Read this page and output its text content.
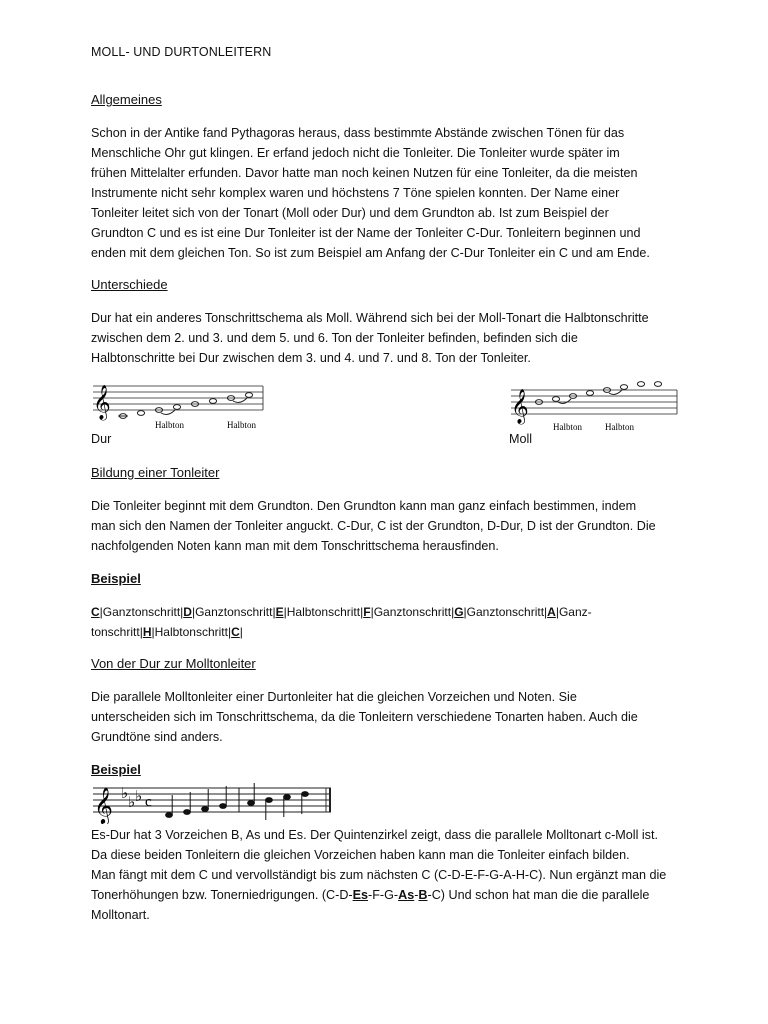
MOLL- UND DURTONLEITERN
Allgemeines
Schon in der Antike fand Pythagoras heraus, dass bestimmte Abstände zwischen Tönen für das
Menschliche Ohr gut klingen. Er erfand jedoch nicht die Tonleiter. Die Tonleiter wurde später im
frühen Mittelalter erfunden. Davor hatte man noch keinen Nutzen für eine Tonleiter, da die meisten
Instrumente nicht sehr komplex waren und höchstens 7 Töne spielen konnten. Der Name einer
Tonleiter leitet sich von der Tonart (Moll oder Dur) und dem Grundton ab. Ist zum Beispiel der
Grundton C und es ist eine Dur Tonleiter ist der Name der Tonleiter C-Dur. Tonleitern beginnen und
enden mit dem gleichen Ton. So ist zum Beispiel am Anfang der C-Dur Tonleiter ein C und am Ende.
Unterschiede
Dur hat ein anderes Tonschrittschema als Moll. Während sich bei der Moll-Tonart die Halbtonschritte
zwischen dem 2. und 3. und dem 5. und 6. Ton der Tonleiter befinden, befinden sich die
Halbtonschritte bei Dur zwischen dem 3. und 4. und 7. und 8. Ton der Tonleiter.
𝄞
Halbton	Halbton
Dur
𝄞
Halbton	Halbton
Moll
Bildung einer Tonleiter
Die Tonleiter beginnt mit dem Grundton. Den Grundton kann man ganz einfach bestimmen, indem
man sich den Namen der Tonleiter anguckt. C-Dur, C ist der Grundton, D-Dur, D ist der Grundton. Die
nachfolgenden Noten kann man mit dem Tonschrittschema herausfinden.
Beispiel
C|Ganztonschritt|D|Ganztonschritt|E|Halbtonschritt|F|Ganztonschritt|G|Ganztonschritt|A|Ganz-
tonschritt|H|Halbtonschritt|C|
Von der Dur zur Molltonleiter
Die parallele Molltonleiter einer Durtonleiter hat die gleichen Vorzeichen und Noten. Sie
unterscheiden sich im Tonschrittschema, da die Tonleitern verschiedene Tonarten haben. Auch die
Grundtöne sind anders.
Beispiel
𝄞 ♭
♭ ♭ c
Es-Dur hat 3 Vorzeichen B, As und Es. Der Quintenzirkel zeigt, dass die parallele Molltonart c-Moll ist.
Da diese beiden Tonleitern die gleichen Vorzeichen haben kann man die Tonleiter einfach bilden.
Man fängt mit dem C und vervollständigt bis zum nächsten C (C-D-E-F-G-A-H-C). Nun ergänzt man die
Tonerhöhungen bzw. Tonerniedrigungen. (C-D-Es-F-G-As-B-C) Und schon hat man die die parallele
Molltonart.
